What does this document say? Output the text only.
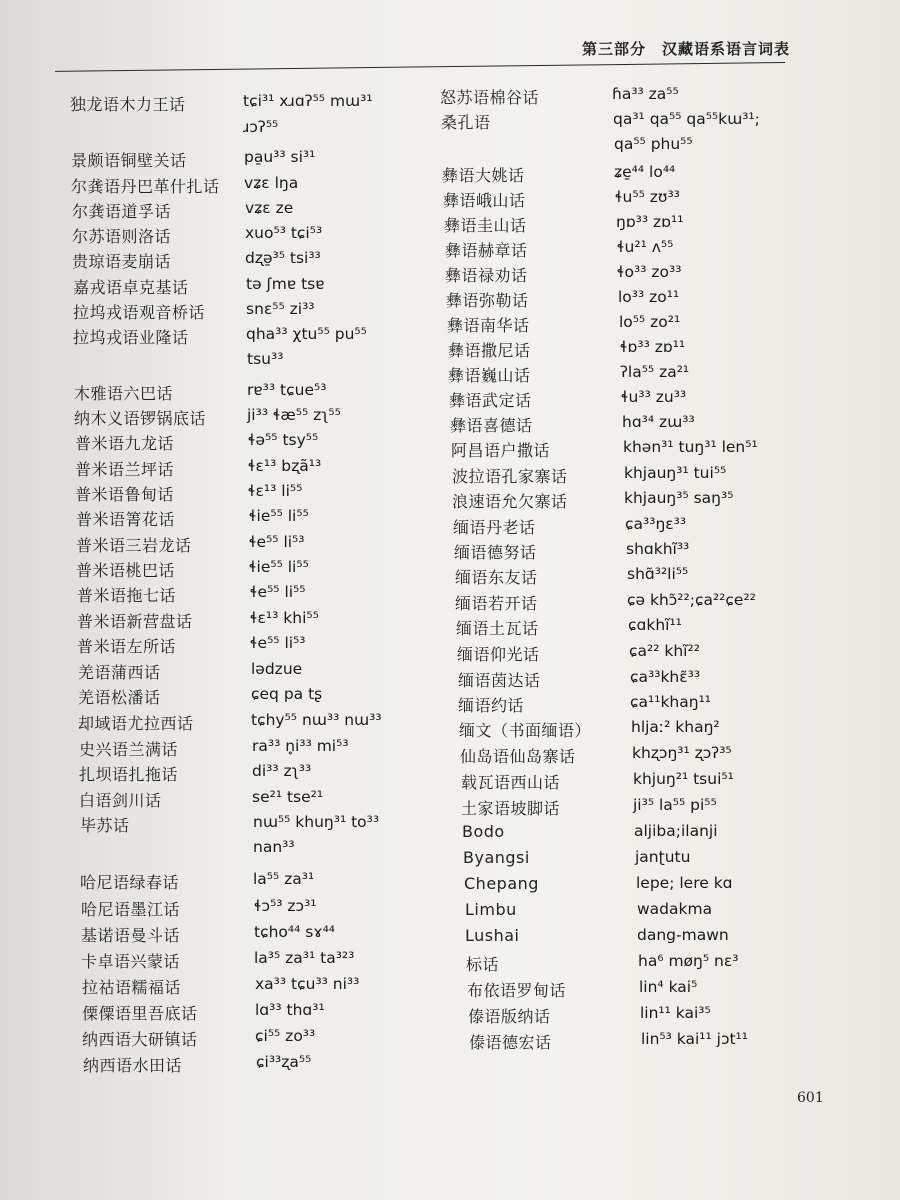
第三部分　汉藏语系语言词表
独龙语木力王话	tɕi³¹ xɹɑʔ⁵⁵ mɯ³¹
ɹɔʔ⁵⁵
景颇语铜壁关话	pa̱u³³ si³¹
尔龚语丹巴革什扎话 vʑɛ lŋa
尔龚语道孚话	vʑɛ ze
尔苏语则洛话	xuo⁵³ tɕi⁵³
贵琼语麦崩话	dʐə̱³⁵ tsi³³
嘉戎语卓克基话	tə ʃmɐ tsɐ
拉坞戎语观音桥话	snɛ⁵⁵ zi³³
拉坞戎语业隆话	qha³³ χtu⁵⁵ pu⁵⁵
tsu³³
木雅语六巴话	rɐ³³ tɕue⁵³
纳木义语锣锅底话	ji³³ ɬæ⁵⁵ zʅ⁵⁵
普米语九龙话	ɬə⁵⁵ tsy⁵⁵
普米语兰坪话	ɬɛ¹³ bʐã¹³
普米语鲁甸话	ɬɛ¹³ li⁵⁵
普米语箐花话	ɬie⁵⁵ li⁵⁵
普米语三岩龙话	ɬe⁵⁵ li⁵³
普米语桃巴话	ɬie⁵⁵ li⁵⁵
普米语拖七话	ɬe⁵⁵ li⁵⁵
普米语新营盘话	ɬɛ¹³ khi⁵⁵
普米语左所话	ɬe⁵⁵ li⁵³
羌语蒲西话	lədzue
羌语松潘话	ɕeq pa tʂ
却域语尤拉西话	tɕhy⁵⁵ nɯ³³ nɯ³³
史兴语兰满话	ra³³ n̥i³³ mi⁵³
扎坝语扎拖话	di³³ zʅ³³
白语剑川话	se²¹ tse²¹
毕苏话	nɯ⁵⁵ khuŋ³¹ to³³
nan³³
哈尼语绿春话	la⁵⁵ za³¹
哈尼语墨江话	ɬɔ⁵³ zɔ³¹
基诺语曼斗话	tɕho⁴⁴ sɤ⁴⁴
卡卓语兴蒙话	la³⁵ za³¹ ta³²³
拉祜语糯福话	xa³³ tɕu³³ ni³³
傈僳语里吾底话	lɑ³³ thɑ³¹
纳西语大研镇话	ɕi⁵⁵ zo³³
纳西语水田话	ɕi³³ʐa⁵⁵
怒苏语棉谷话	ɦa³³ za⁵⁵
桑孔语	qa³¹ qa⁵⁵ qa⁵⁵kɯ³¹;
qa⁵⁵ phu⁵⁵
彝语大姚话	ʑe̱⁴⁴ lo⁴⁴
彝语峨山话	ɬu⁵⁵ zʊ³³
彝语圭山话	ŋɒ³³ zɒ¹¹
彝语赫章话	ɬu²¹ ʌ⁵⁵
彝语禄劝话	ɬo³³ zo³³
彝语弥勒话	lo³³ zo¹¹
彝语南华话	lo⁵⁵ zo²¹
彝语撒尼话	ɬɒ³³ zɒ¹¹
彝语巍山话	ʔla⁵⁵ za²¹
彝语武定话	ɬu³³ zu³³
彝语喜德话	hɑ³⁴ zɯ³³
阿昌语户撒话	khən³¹ tuŋ³¹ len⁵¹
波拉语孔家寨话	khjauŋ³¹ tui⁵⁵
浪速语允欠寨话	khjauŋ³⁵ saŋ³⁵
缅语丹老话	ɕa³³ŋɛ³³
缅语德努话	shɑkhĩ³³
缅语东友话	shɑ̃³²li⁵⁵
缅语若开话	ɕə khɔ̃²²;ɕa²²ɕe²²
缅语土瓦话	ɕɑkhĩ¹¹
缅语仰光话	ɕa²² khĩ²²
缅语茵达话	ɕa³³khɛ̃³³
缅语约话	ɕa¹¹khaŋ¹¹
缅文（书面缅语）	hljaː² khaŋ²
仙岛语仙岛寨话	khʐɔŋ³¹ ʐɔʔ³⁵
载瓦语西山话	khjuŋ²¹ tsui⁵¹
土家语坡脚话	ji³⁵ la⁵⁵ pi⁵⁵
Bodo	aljiba;ilanji
Byangsi	janʈutu
Chepang	lepe; lere kɑ
Limbu	wadakma
Lushai	dang-mawn
标话	ha⁶ møŋ⁵ nɛ³
布依语罗甸话	lin⁴ kai⁵
傣语版纳话	lin¹¹ kai³⁵
傣语德宏话	lin⁵³ kai¹¹ jɔt¹¹
601
